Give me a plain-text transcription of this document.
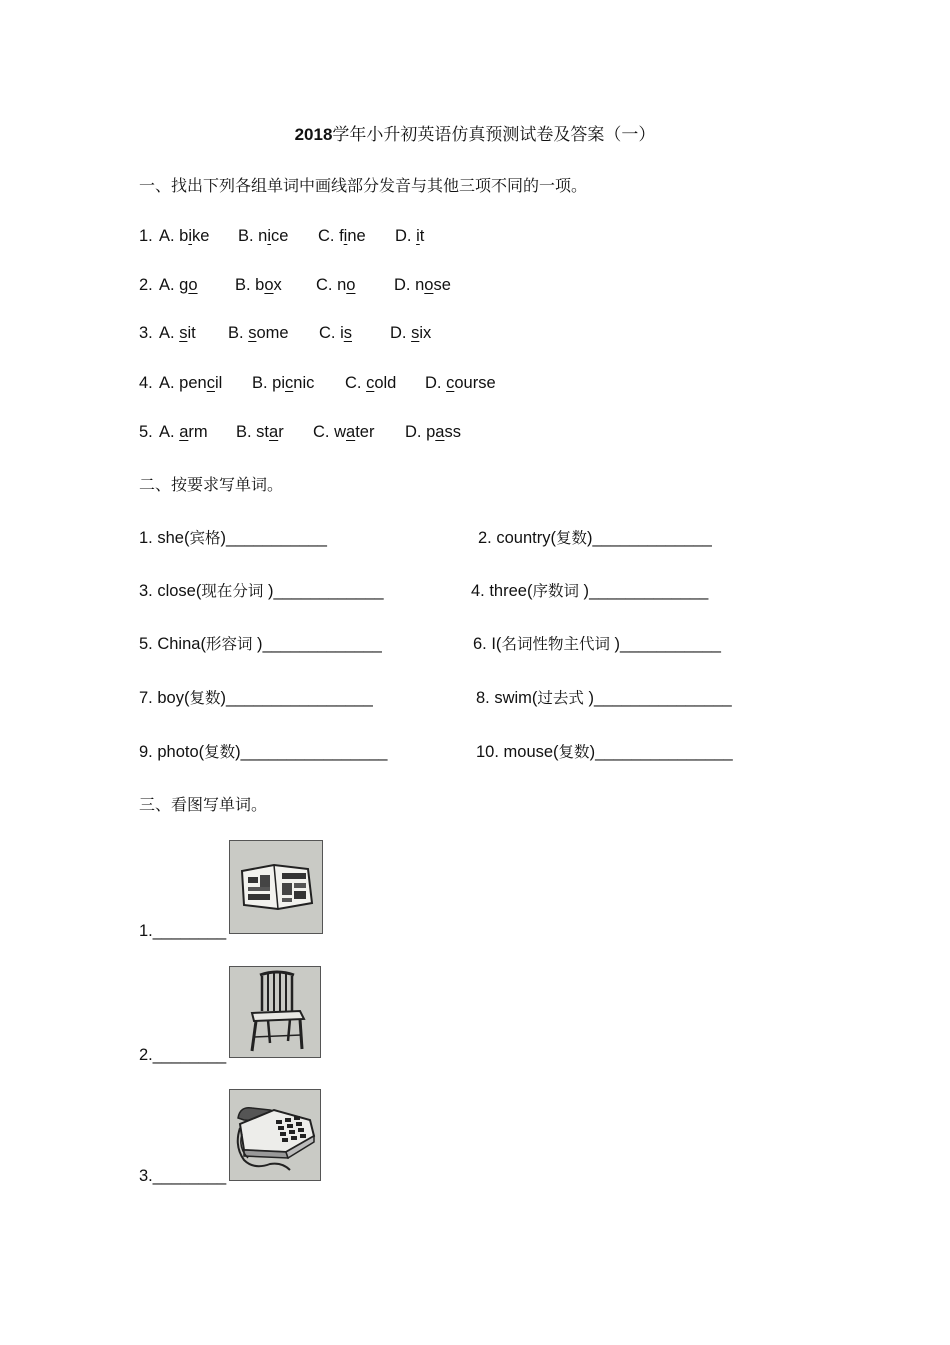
2018学年小升初英语仿真预测试卷及答案（一）
一、找出下列各组单词中画线部分发音与其他三项不同的一项。
1. A. bike B. nice C. fine D. it
2. A. go B. box C. no D. nose
3. A. sit B. some C. is D. six
4. A. pencil B. picnic C. cold D. course
5. A. arm B. star C. water D. pass
二、按要求写单词。
1. she(宾格)___________	2. country(复数)_____________
3. close(现在分词 )____________	4. three(序数词 )_____________
5. China(形容词 )_____________	6. I(名词性物主代词 )___________
7. boy(复数)________________	8. swim(过去式 )_______________
9. photo(复数)________________	10. mouse(复数)_______________
三、看图写单词。
1.________
2.________
3.________
